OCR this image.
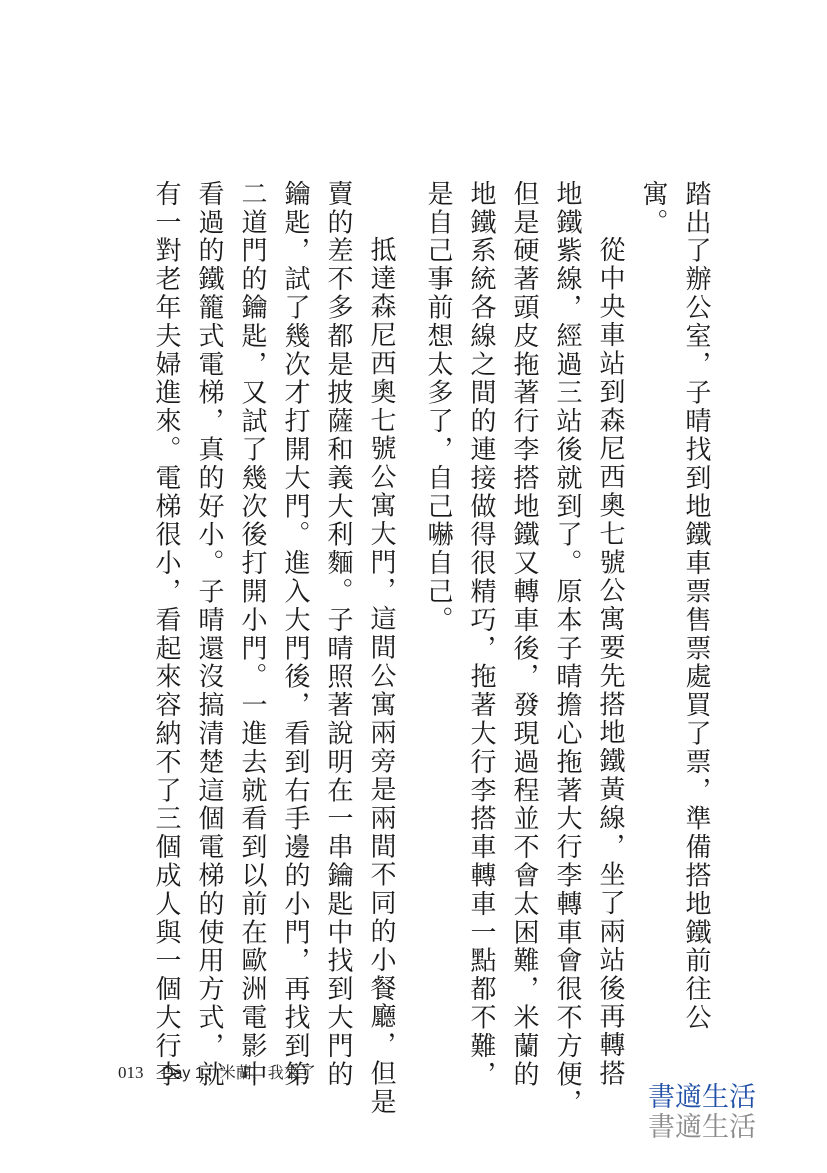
踏出了辦公室，子晴找到地鐵車票售票處買了票，準備搭地鐵前往公
寓。
從中央車站到森尼西奧七號公寓要先搭地鐵黃線，坐了兩站後再轉搭
地鐵紫線，經過三站後就到了。原本子晴擔心拖著大行李轉車會很不方便，
但是硬著頭皮拖著行李搭地鐵又轉車後，發現過程並不會太困難，米蘭的
地鐵系統各線之間的連接做得很精巧，拖著大行李搭車轉車一點都不難，
是自己事前想太多了，自己嚇自己。
抵達森尼西奧七號公寓大門，這間公寓兩旁是兩間不同的小餐廳，但是
賣的差不多都是披薩和義大利麵。子晴照著說明在一串鑰匙中找到大門的
鑰匙，試了幾次才打開大門。進入大門後，看到右手邊的小門，再找到第
二道門的鑰匙，又試了幾次後打開小門。一進去就看到以前在歐洲電影中
看過的鐵籠式電梯，真的好小。子晴還沒搞清楚這個電梯的使用方式，就
有一對老年夫婦進來。電梯很小，看起來容納不了三個成人與一個大行李
013 Day 1：米蘭，我來了
書適生活
書適生活
